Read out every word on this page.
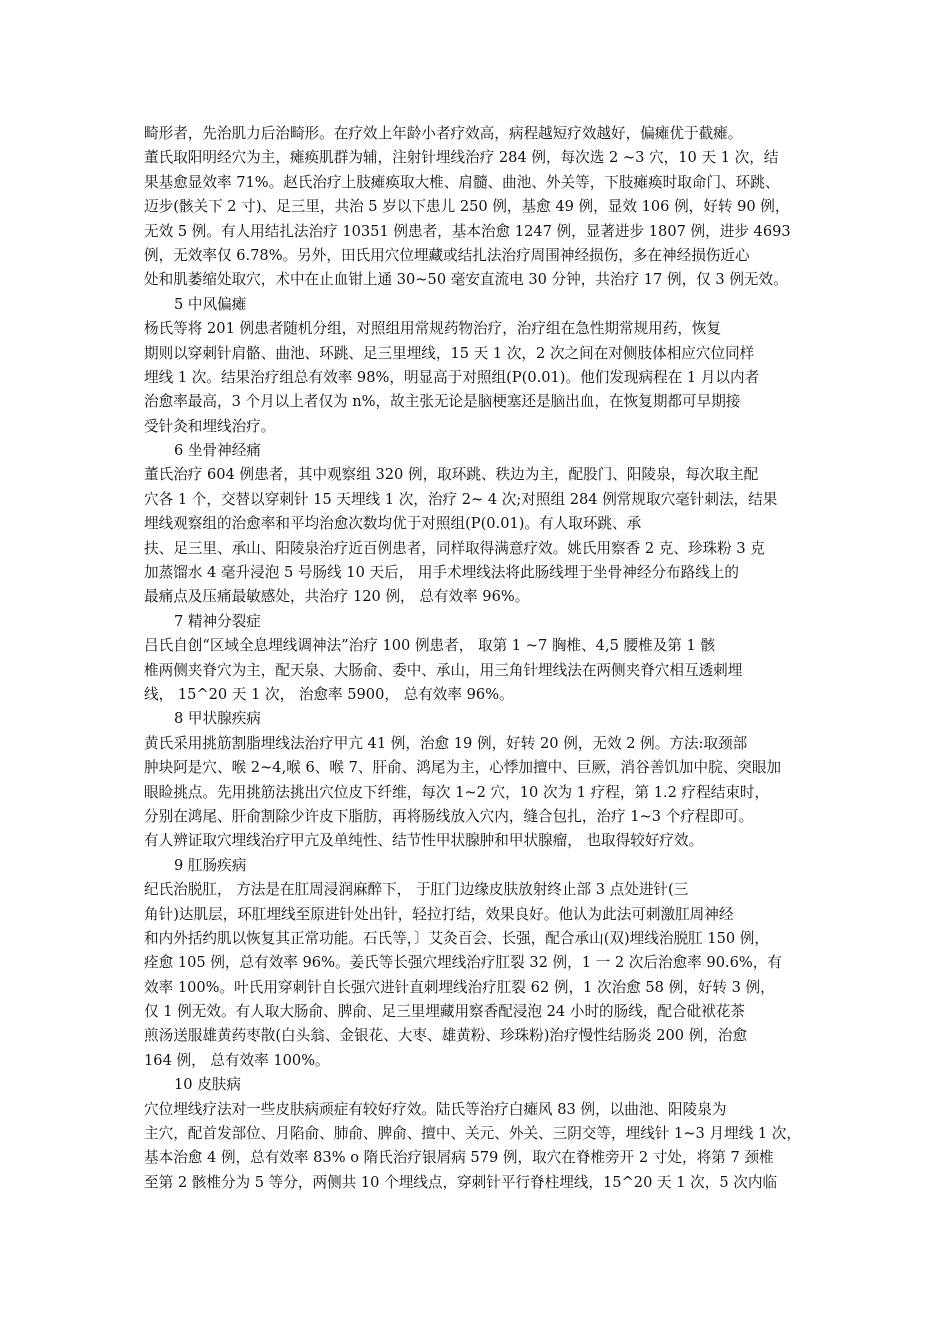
畸形者，先治肌力后治畸形。在疗效上年龄小者疗效高，病程越短疗效越好，偏瘫优于截瘫。
董氏取阳明经穴为主，瘫痪肌群为辅，注射针埋线治疗 284 例，每次选 2 ~3 穴，10 天 1 次，结
果基愈显效率 71%。赵氏治疗上肢瘫痪取大椎、肩髓、曲池、外关等，下肢瘫痪时取命门、环跳、
迈步(骸关下 2 寸)、足三里，共治 5 岁以下患儿 250 例，基愈 49 例，显效 106 例，好转 90 例，
无效 5 例。有人用结扎法治疗 10351 例患者，基本治愈 1247 例，显著进步 1807 例，进步 4693
例，无效率仅 6.78%。另外，田氏用穴位埋藏或结扎法治疗周围神经损伤，多在神经损伤近心
处和肌萎缩处取穴，术中在止血钳上通 30~50 毫安直流电 30 分钟，共治疗 17 例，仅 3 例无效。
5 中风偏瘫
杨氏等将 201 例患者随机分组，对照组用常规药物治疗，治疗组在急性期常规用药，恢复
期则以穿刺针肩骼、曲池、环跳、足三里埋线，15 天 1 次，2 次之间在对侧肢体相应穴位同样
埋线 1 次。结果治疗组总有效率 98%，明显高于对照组(P(0.01)。他们发现病程在 1 月以内者
治愈率最高，3 个月以上者仅为 n%，故主张无论是脑梗塞还是脑出血，在恢复期都可早期接
受针灸和埋线治疗。
6 坐骨神经痛
董氏治疗 604 例患者，其中观察组 320 例，取环跳、秩边为主，配股门、阳陵泉，每次取主配
穴各 1 个，交替以穿刺针 15 天埋线 1 次，治疗 2~ 4 次;对照组 284 例常规取穴毫针刺法，结果
埋线观察组的治愈率和平均治愈次数均优于对照组(P(0.01)。有人取环跳、承
扶、足三里、承山、阳陵泉治疗近百例患者，同样取得满意疗效。姚氏用察香 2 克、珍珠粉 3 克
加蒸馏水 4 毫升浸泡 5 号肠线 10 天后， 用手术埋线法将此肠线埋于坐骨神经分布路线上的
最痛点及压痛最敏感处，共治疗 120 例， 总有效率 96%。
7 精神分裂症
吕氏自创“区域全息埋线调神法”治疗 100 例患者， 取第 1 ~7 胸椎、4,5 腰椎及第 1 骸
椎两侧夹脊穴为主，配天泉、大肠俞、委中、承山，用三角针埋线法在两侧夹脊穴相互透刺埋
线， 15^20 天 1 次， 治愈率 5900， 总有效率 96%。
8 甲状腺疾病
黄氏采用挑筋割脂埋线法治疗甲亢 41 例，治愈 19 例，好转 20 例，无效 2 例。方法:取颈部
肿块阿是穴、喉 2~4,喉 6、喉 7、肝俞、鸿尾为主，心悸加擅中、巨厥，消谷善饥加中脘、突眼加
眼睑挑点。先用挑筋法挑出穴位皮下纤维，每次 1~2 穴，10 次为 1 疗程，第 1.2 疗程结束时，
分别在鸿尾、肝俞割除少许皮下脂肪，再将肠线放入穴内，缝合包扎，治疗 1~3 个疗程即可。
有人辨证取穴埋线治疗甲亢及单纯性、结节性甲状腺肿和甲状腺瘤， 也取得较好疗效。
9 肛肠疾病
纪氏治脱肛， 方法是在肛周浸润麻醉下， 于肛门边缘皮肤放射终止部 3 点处进针(三
角针)达肌层，环肛埋线至原进针处出针，轻拉打结，效果良好。他认为此法可刺激肛周神经
和内外括约肌以恢复其正常功能。石氏等，〕艾灸百会、长强，配合承山(双)埋线治脱肛 150 例，
痊愈 105 例，总有效率 96%。姜氏等长强穴埋线治疗肛裂 32 例，1 一 2 次后治愈率 90.6%，有
效率 100%。叶氏用穿刺针自长强穴进针直刺埋线治疗肛裂 62 例，1 次治愈 58 例，好转 3 例，
仅 1 例无效。有人取大肠俞、脾俞、足三里埋藏用察香配浸泡 24 小时的肠线，配合砒袱花茶
煎汤送服雄黄药枣散(白头翁、金银花、大枣、雄黄粉、珍珠粉)治疗慢性结肠炎 200 例，治愈
164 例， 总有效率 100%。
10 皮肤病
穴位埋线疗法对一些皮肤病顽症有较好疗效。陆氏等治疗白瘫风 83 例，以曲池、阳陵泉为
主穴，配首发部位、月陷俞、肺俞、脾俞、擅中、关元、外关、三阴交等，埋线针 1~3 月埋线 1 次，
基本治愈 4 例，总有效率 83% o 隋氏治疗银屑病 579 例，取穴在脊椎旁开 2 寸处，将第 7 颈椎
至第 2 骸椎分为 5 等分，两侧共 10 个埋线点，穿刺针平行脊柱埋线，15^20 天 1 次，5 次内临
